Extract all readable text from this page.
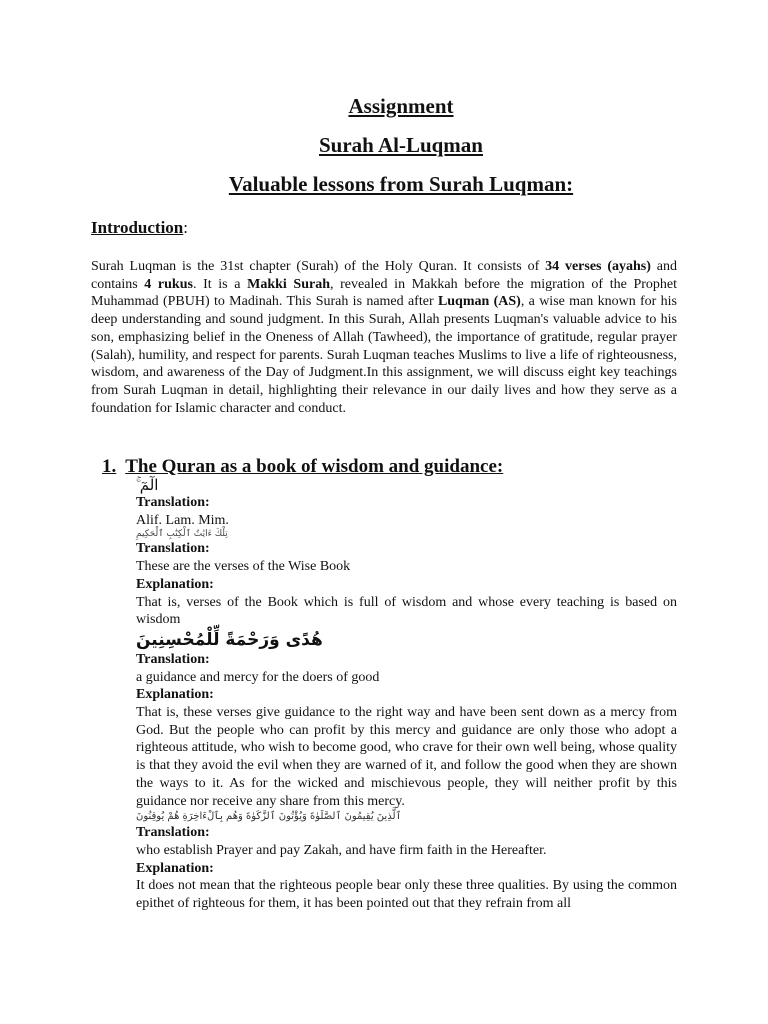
Assignment
Surah Al-Luqman
Valuable lessons from Surah Luqman:
Introduction:
Surah Luqman is the 31st chapter (Surah) of the Holy Quran. It consists of 34 verses (ayahs) and contains 4 rukus. It is a Makki Surah, revealed in Makkah before the migration of the Prophet Muhammad (PBUH) to Madinah. This Surah is named after Luqman (AS), a wise man known for his deep understanding and sound judgment. In this Surah, Allah presents Luqman's valuable advice to his son, emphasizing belief in the Oneness of Allah (Tawheed), the importance of gratitude, regular prayer (Salah), humility, and respect for parents. Surah Luqman teaches Muslims to live a life of righteousness, wisdom, and awareness of the Day of Judgment.In this assignment, we will discuss eight key teachings from Surah Luqman in detail, highlighting their relevance in our daily lives and how they serve as a foundation for Islamic character and conduct.
1. The Quran as a book of wisdom and guidance:

الٓمٓ ۚ

Translation:

Alif. Lam. Mim.

تِلْكَ ءَايَٰتُ ٱلْكِتَٰبِ ٱلْحَكِيمِ

Translation:

These are the verses of the Wise Book

Explanation:

That is, verses of the Book which is full of wisdom and whose every teaching is based on wisdom

هُدًى وَرَحْمَةً لِّلْمُحْسِنِينَ

Translation:

a guidance and mercy for the doers of good

Explanation:

That is, these verses give guidance to the right way and have been sent down as a mercy from God. But the people who can profit by this mercy and guidance are only those who adopt a righteous attitude, who wish to become good, who crave for their own well being, whose quality is that they avoid the evil when they are warned of it, and follow the good when they are shown the ways to it. As for the wicked and mischievous people, they will neither profit by this guidance nor receive any share from this mercy.

ٱلَّذِينَ يُقِيمُونَ ٱلصَّلَوٰةَ وَيُؤْتُونَ ٱلزَّكَوٰةَ وَهُم بِٱلْءَاخِرَةِ هُمْ يُوقِنُونَ

Translation:

who establish Prayer and pay Zakah, and have firm faith in the Hereafter.

Explanation:

It does not mean that the righteous people bear only these three qualities. By using the common epithet of righteous for them, it has been pointed out that they refrain from all
